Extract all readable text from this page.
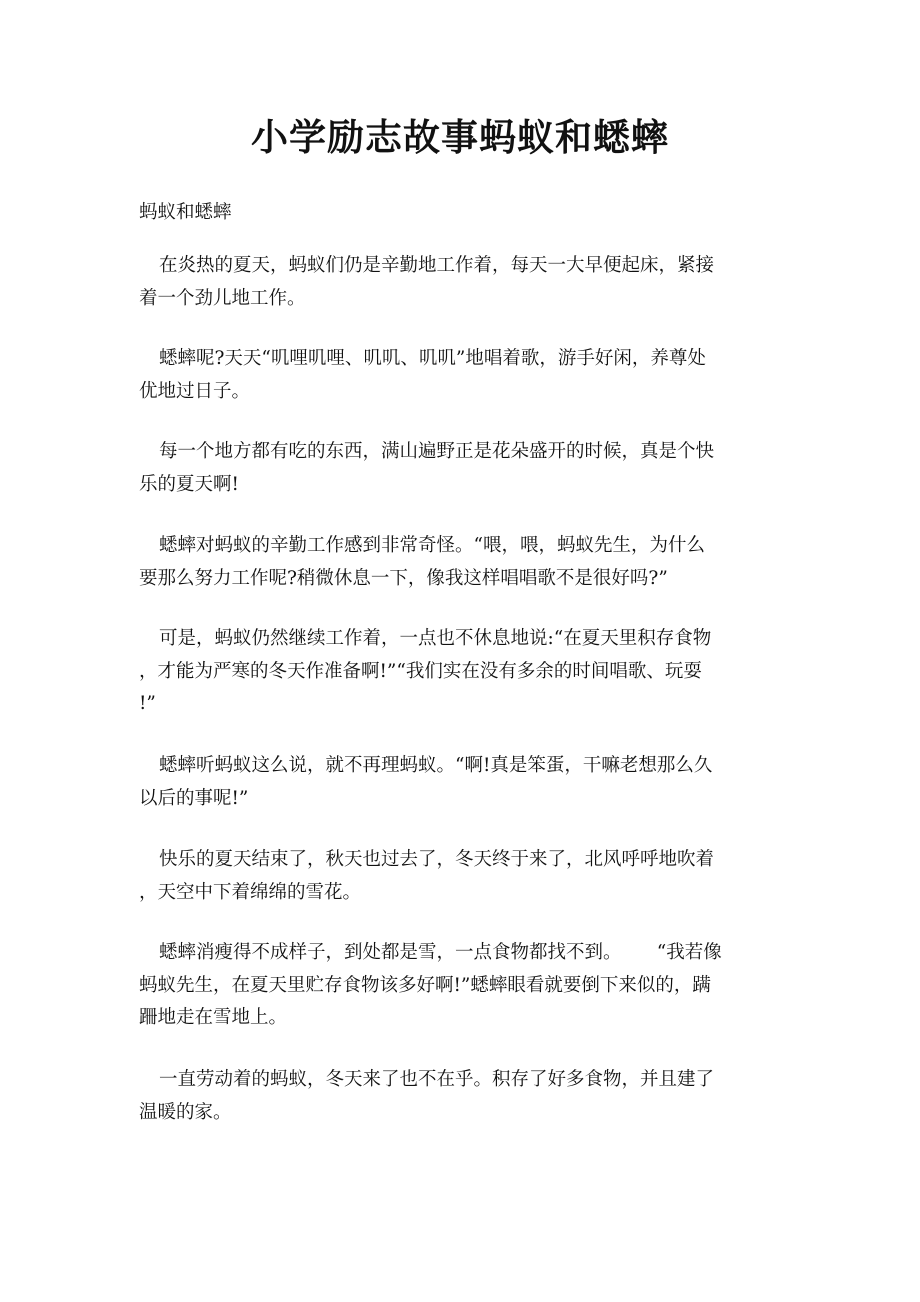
小学励志故事蚂蚁和蟋蟀

蚂蚁和蟋蟀

在炎热的夏天，蚂蚁们仍是辛勤地工作着，每天一大早便起床，紧接
着一个劲儿地工作。

蟋蟀呢?天天“叽哩叽哩、叽叽、叽叽”地唱着歌，游手好闲，养尊处
优地过日子。

每一个地方都有吃的东西，满山遍野正是花朵盛开的时候，真是个快
乐的夏天啊!

蟋蟀对蚂蚁的辛勤工作感到非常奇怪。“喂，喂，蚂蚁先生，为什么
要那么努力工作呢?稍微休息一下，像我这样唱唱歌不是很好吗?”

可是，蚂蚁仍然继续工作着，一点也不休息地说:“在夏天里积存食物
，才能为严寒的冬天作准备啊!”“我们实在没有多余的时间唱歌、玩耍
!”

蟋蟀听蚂蚁这么说，就不再理蚂蚁。“啊!真是笨蛋，干嘛老想那么久
以后的事呢!”

快乐的夏天结束了，秋天也过去了，冬天终于来了，北风呼呼地吹着
，天空中下着绵绵的雪花。

蟋蟀消瘦得不成样子，到处都是雪，一点食物都找不到。      “我若像
蚂蚁先生，在夏天里贮存食物该多好啊!”蟋蟀眼看就要倒下来似的，蹒
跚地走在雪地上。

一直劳动着的蚂蚁，冬天来了也不在乎。积存了好多食物，并且建了
温暖的家。
